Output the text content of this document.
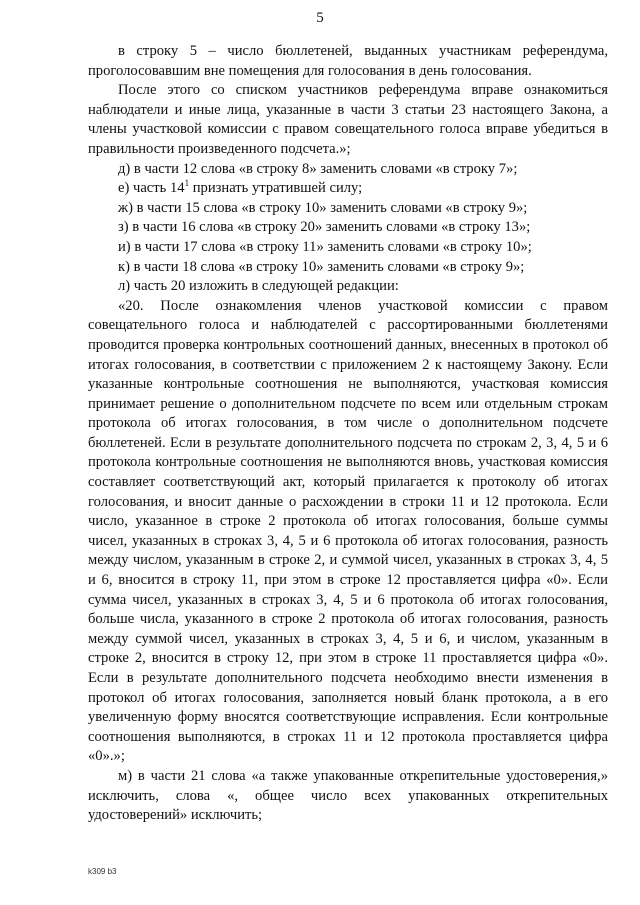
5

в строку 5 – число бюллетеней, выданных участникам референдума, проголосовавшим вне помещения для голосования в день голосования.

После этого со списком участников референдума вправе ознакомиться наблюдатели и иные лица, указанные в части 3 статьи 23 настоящего Закона, а члены участковой комиссии с правом совещательного голоса вправе убедиться в правильности произведенного подсчета.»;

д) в части 12 слова «в строку 8» заменить словами «в строку 7»;

е) часть $14^1$ признать утратившей силу;

ж) в части 15 слова «в строку 10» заменить словами «в строку 9»;

з) в части 16 слова «в строку 20» заменить словами «в строку 13»;

и) в части 17 слова «в строку 11» заменить словами «в строку 10»;

к) в части 18 слова «в строку 10» заменить словами «в строку 9»;

л) часть 20 изложить в следующей редакции:

«20. После ознакомления членов участковой комиссии с правом совещательного голоса и наблюдателей с рассортированными бюллетенями проводится проверка контрольных соотношений данных, внесенных в протокол об итогах голосования, в соответствии с приложением 2 к настоящему Закону. Если указанные контрольные соотношения не выполняются, участковая комиссия принимает решение о дополнительном подсчете по всем или отдельным строкам протокола об итогах голосования, в том числе о дополнительном подсчете бюллетеней. Если в результате дополнительного подсчета по строкам 2, 3, 4, 5 и 6 протокола контрольные соотношения не выполняются вновь, участковая комиссия составляет соответствующий акт, который прилагается к протоколу об итогах голосования, и вносит данные о расхождении в строки 11 и 12 протокола. Если число, указанное в строке 2 протокола об итогах голосования, больше суммы чисел, указанных в строках 3, 4, 5 и 6 протокола об итогах голосования, разность между числом, указанным в строке 2, и суммой чисел, указанных в строках 3, 4, 5 и 6, вносится в строку 11, при этом в строке 12 проставляется цифра «0». Если сумма чисел, указанных в строках 3, 4, 5 и 6 протокола об итогах голосования, больше числа, указанного в строке 2 протокола об итогах голосования, разность между суммой чисел, указанных в строках 3, 4, 5 и 6, и числом, указанным в строке 2, вносится в строку 12, при этом в строке 11 проставляется цифра «0». Если в результате дополнительного подсчета необходимо внести изменения в протокол об итогах голосования, заполняется новый бланк протокола, а в его увеличенную форму вносятся соответствующие исправления. Если контрольные соотношения выполняются, в строках 11 и 12 протокола проставляется цифра «0».»;

м) в части 21 слова «а также упакованные открепительные удостоверения,» исключить, слова «, общее число всех упакованных открепительных удостоверений» исключить;

k309 b3
